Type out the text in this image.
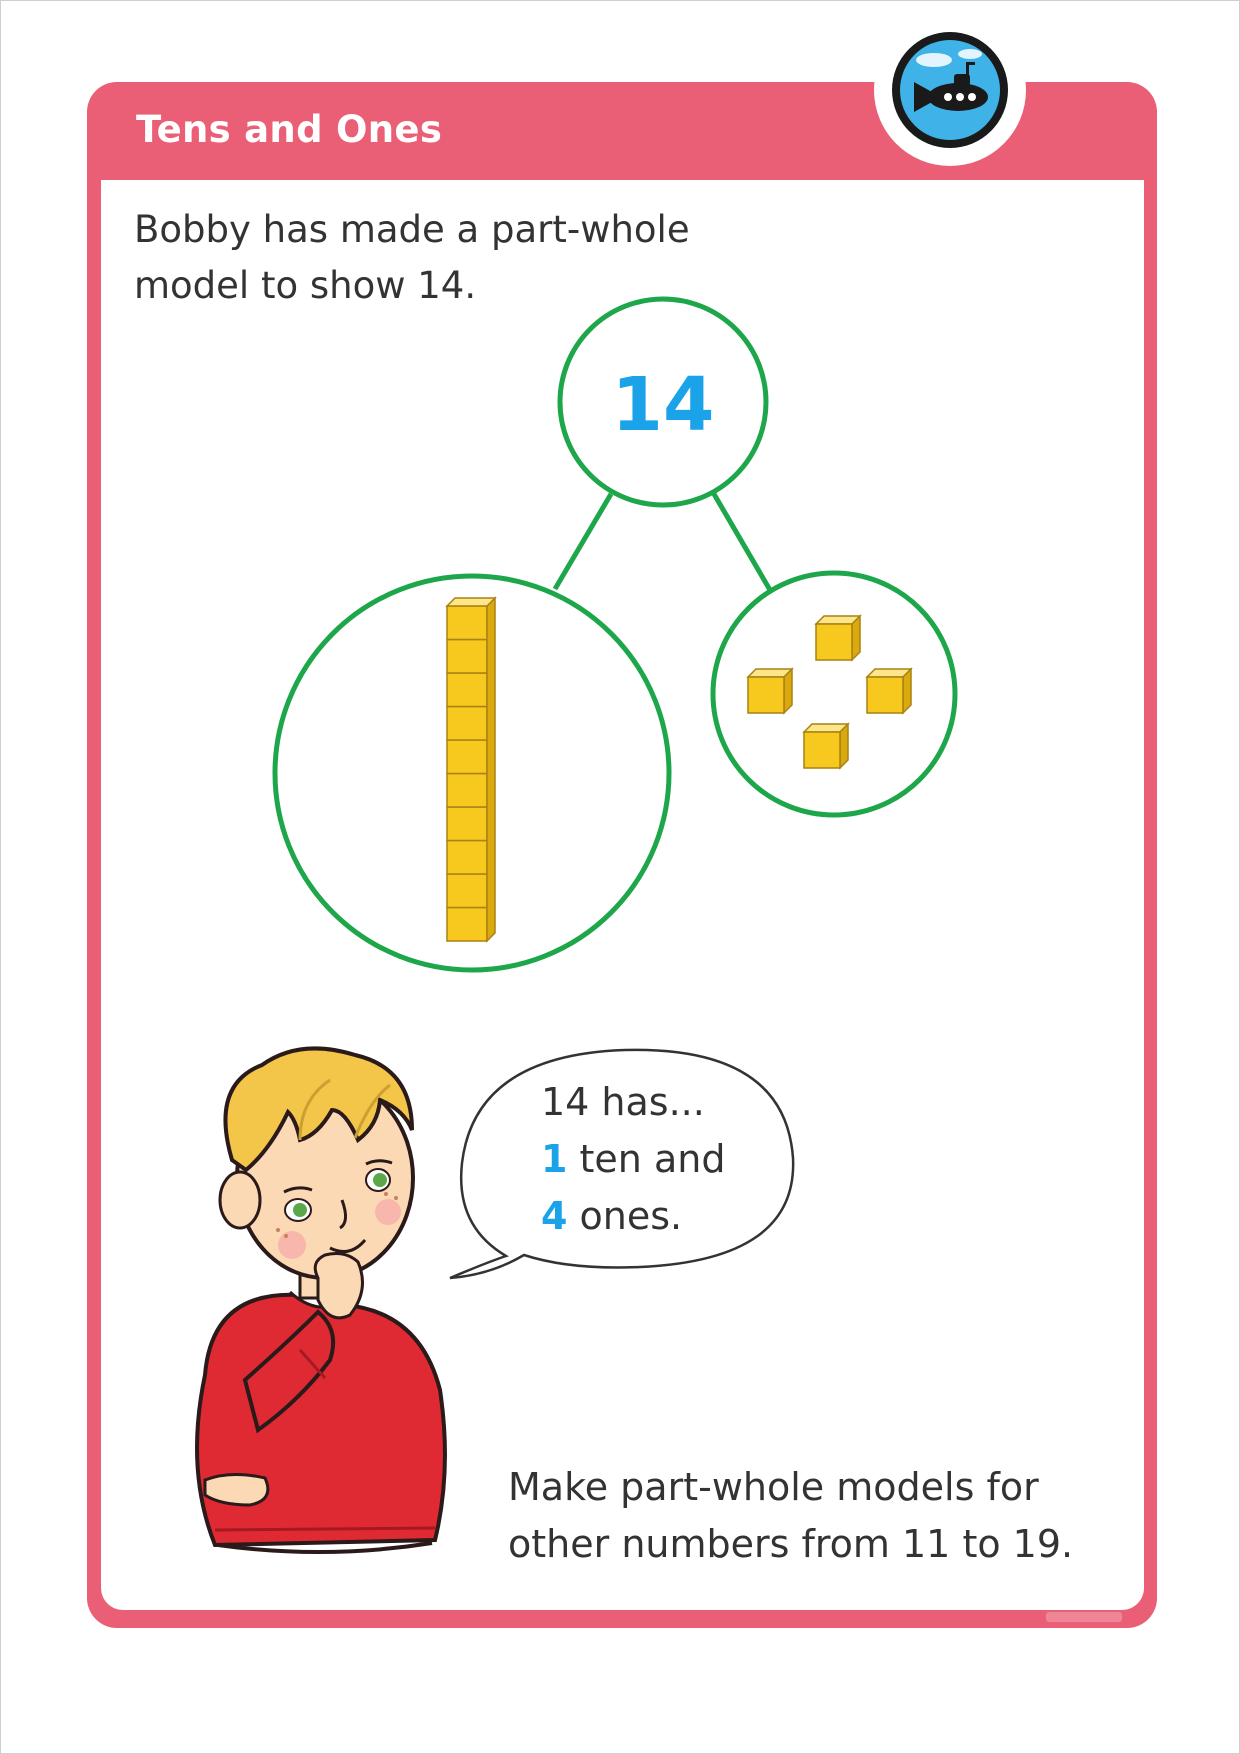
Tens and Ones

Bobby has made a part-whole
model to show 14.

14

14 has...
1 ten and
4 ones.

Make part-whole models for
other numbers from 11 to 19.
